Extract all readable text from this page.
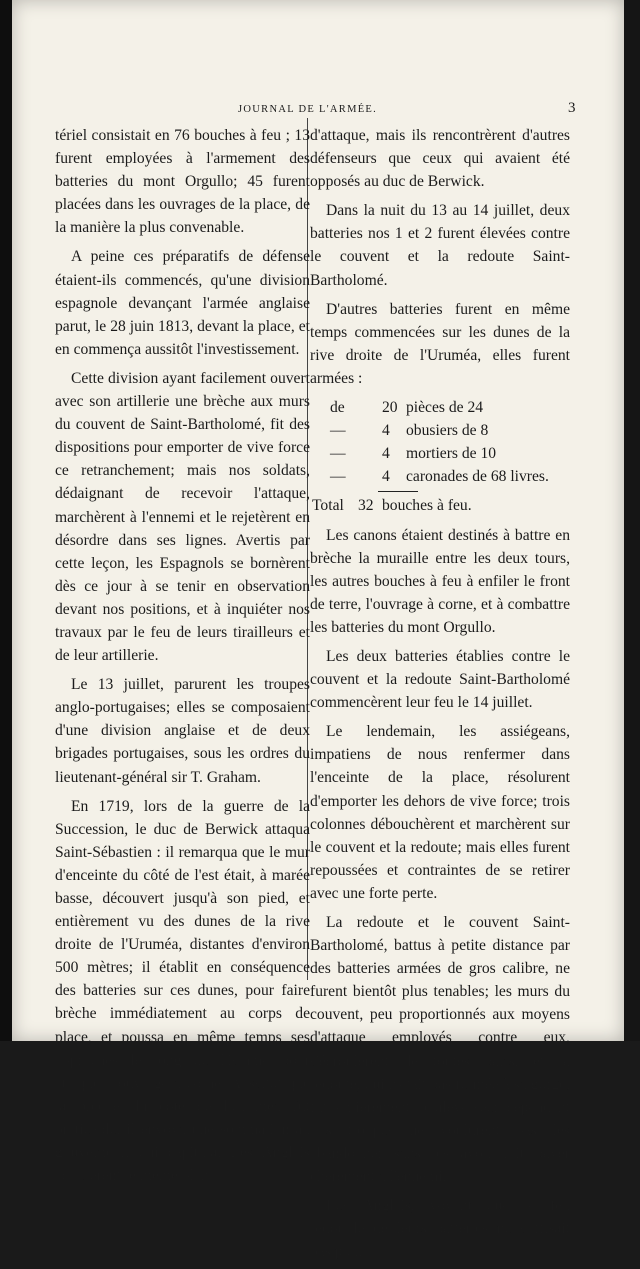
JOURNAL DE L'ARMÉE.	3

tériel consistait en 76 bouches à feu ; 13 furent employées à l'armement des batteries du mont Orgullo; 45 furent placées dans les ouvrages de la place, de la manière la plus convenable.

A peine ces préparatifs de défense étaient-ils commencés, qu'une division espagnole devançant l'armée anglaise parut, le 28 juin 1813, devant la place, et en commença aussitôt l'investissement.

Cette division ayant facilement ouvert avec son artillerie une brèche aux murs du couvent de Saint-Bartholomé, fit des dispositions pour emporter de vive force ce retranchement; mais nos soldats, dédaignant de recevoir l'attaque, marchèrent à l'ennemi et le rejetèrent en désordre dans ses lignes. Avertis par cette leçon, les Espagnols se bornèrent dès ce jour à se tenir en observation devant nos positions, et à inquiéter nos travaux par le feu de leurs tirailleurs et de leur artillerie.

Le 13 juillet, parurent les troupes anglo-portugaises; elles se composaient d'une division anglaise et de deux brigades portugaises, sous les ordres du lieutenant-général sir T. Graham.

En 1719, lors de la guerre de la Succession, le duc de Berwick attaqua Saint-Sébastien : il remarqua que le mur d'enceinte du côté de l'est était, à marée basse, découvert jusqu'à son pied, et entièrement vu des dunes de la rive droite de l'Uruméa, distantes d'environ 500 mètres; il établit en conséquence des batteries sur ces dunes, pour faire brèche immédiatement au corps de place, et poussa en même temps ses approches le long de l'isthme pour attaquer l'ouvrage à corne. Aussitôt que la brèche du côté de l'Uruméa fut praticable, il envoya une sommation au gouverneur, qui capitula. Les Anglais adoptèrent le même plan

d'attaque, mais ils rencontrèrent d'autres défenseurs que ceux qui avaient été opposés au duc de Berwick.

Dans la nuit du 13 au 14 juillet, deux batteries nos 1 et 2 furent élevées contre le couvent et la redoute Saint-Bartholomé.

D'autres batteries furent en même temps commencées sur les dunes de la rive droite de l'Uruméa, elles furent armées :

de	20 pièces de 24
—	4	obusiers de 8
—	4	mortiers de 10
—	4	caronades de 68 livres.
Total 32 bouches à feu.

Les canons étaient destinés à battre en brèche la muraille entre les deux tours, les autres bouches à feu à enfiler le front de terre, l'ouvrage à corne, et à combattre les batteries du mont Orgullo.

Les deux batteries établies contre le couvent et la redoute Saint-Bartholomé commencèrent leur feu le 14 juillet.

Le lendemain, les assiégeans, impatiens de nous renfermer dans l'enceinte de la place, résolurent d'emporter les dehors de vive force; trois colonnes débouchèrent et marchèrent sur le couvent et la redoute; mais elles furent repoussées et contraintes de se retirer avec une forte perte.

La redoute et le couvent Saint-Bartholomé, battus à petite distance par des batteries armées de gros calibre, ne furent bientôt plus tenables; les murs du couvent, peu proportionnés aux moyens d'attaque employés contre eux, s'écroulèrent de toutes parts, et la redoute, qui n'était pas fermée à sa gorge, fut entièrement bouleversée; cependant nos troupes ne voulurent pas les abandonner sans les avoir fait payer chèrement à l'ennemi.

Les Anglais, voyant que le feu redoublé de leurs batteries ne suffisait pas pour
